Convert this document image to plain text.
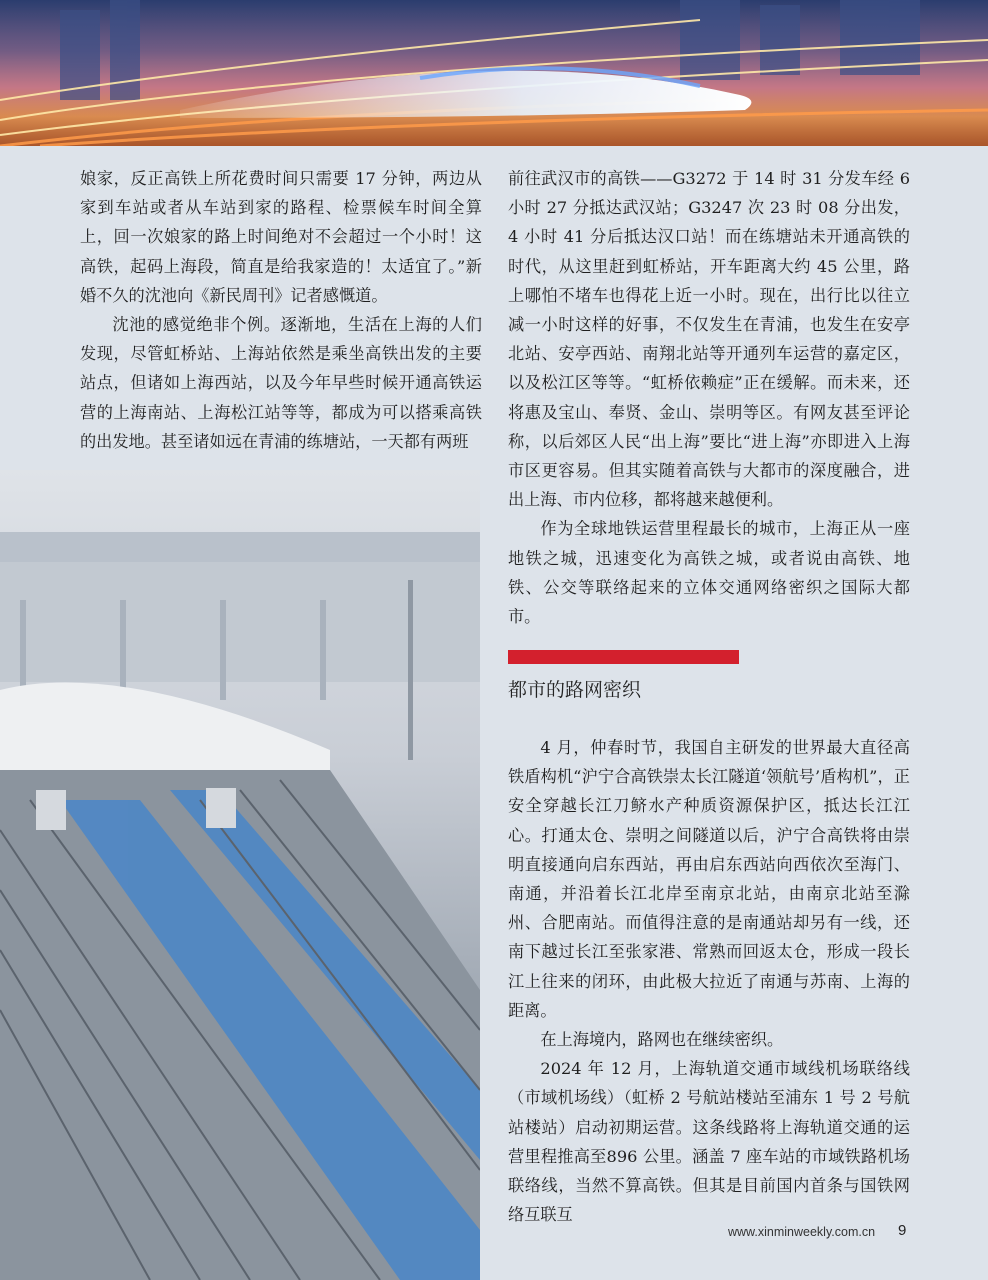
娘家，反正高铁上所花费时间只需要 17 分钟，两边从家到车站或者从车站到家的路程、检票候车时间全算上，回一次娘家的路上时间绝对不会超过一个小时！这高铁，起码上海段，简直是给我家造的！太适宜了。”新婚不久的沈池向《新民周刊》记者感慨道。

沈池的感觉绝非个例。逐渐地，生活在上海的人们发现，尽管虹桥站、上海站依然是乘坐高铁出发的主要站点，但诸如上海西站，以及今年早些时候开通高铁运营的上海南站、上海松江站等等，都成为可以搭乘高铁的出发地。甚至诸如远在青浦的练塘站，一天都有两班

前往武汉市的高铁——G3272 于 14 时 31 分发车经 6 小时 27 分抵达武汉站；G3247 次 23 时 08 分出发，4 小时 41 分后抵达汉口站！而在练塘站未开通高铁的时代，从这里赶到虹桥站，开车距离大约 45 公里，路上哪怕不堵车也得花上近一小时。现在，出行比以往立减一小时这样的好事，不仅发生在青浦，也发生在安亭北站、安亭西站、南翔北站等开通列车运营的嘉定区，以及松江区等等。“虹桥依赖症”正在缓解。而未来，还将惠及宝山、奉贤、金山、崇明等区。有网友甚至评论称，以后郊区人民“出上海”要比“进上海”亦即进入上海市区更容易。但其实随着高铁与大都市的深度融合，进出上海、市内位移，都将越来越便利。

作为全球地铁运营里程最长的城市，上海正从一座地铁之城，迅速变化为高铁之城，或者说由高铁、地铁、公交等联络起来的立体交通网络密织之国际大都市。

都市的路网密织

4 月，仲春时节，我国自主研发的世界最大直径高铁盾构机“沪宁合高铁崇太长江隧道‘领航号’盾构机”，正安全穿越长江刀鲚水产种质资源保护区，抵达长江江心。打通太仓、崇明之间隧道以后，沪宁合高铁将由崇明直接通向启东西站，再由启东西站向西依次至海门、南通，并沿着长江北岸至南京北站，由南京北站至滁州、合肥南站。而值得注意的是南通站却另有一线，还南下越过长江至张家港、常熟而回返太仓，形成一段长江上往来的闭环，由此极大拉近了南通与苏南、上海的距离。

在上海境内，路网也在继续密织。

2024 年 12 月，上海轨道交通市域线机场联络线（市域机场线）（虹桥 2 号航站楼站至浦东 1 号 2 号航站楼站）启动初期运营。这条线路将上海轨道交通的运营里程推高至896 公里。涵盖 7 座车站的市域铁路机场联络线，当然不算高铁。但其是目前国内首条与国铁网络互联互

www.xinminweekly.com.cn 9
